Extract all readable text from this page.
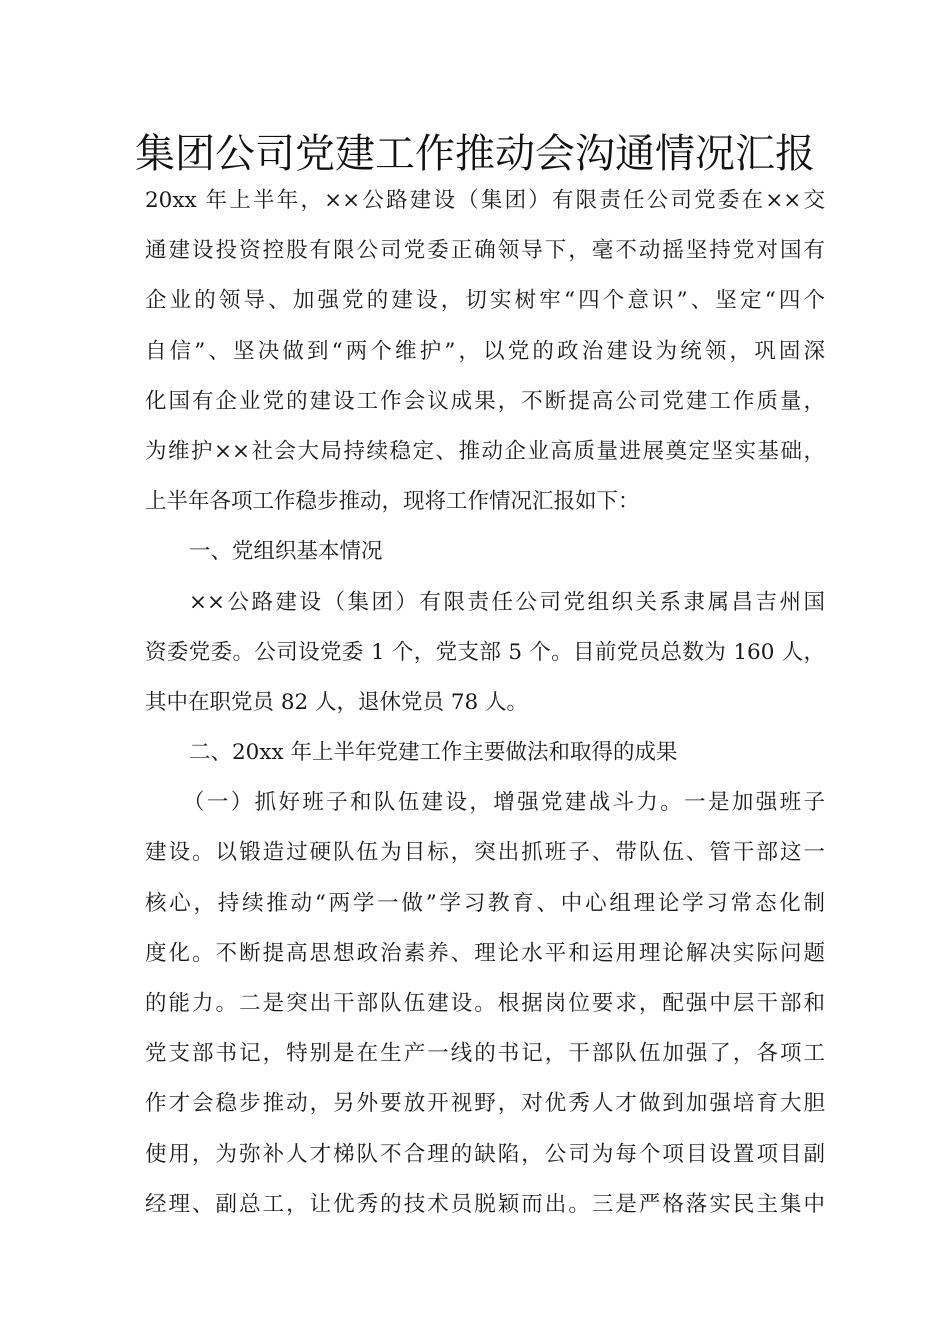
集团公司党建工作推动会沟通情况汇报
20xx 年上半年，××公路建设（集团）有限责任公司党委在××交
通建设投资控股有限公司党委正确领导下，毫不动摇坚持党对国有
企业的领导、加强党的建设，切实树牢“四个意识”、坚定“四个
自信”、坚决做到“两个维护”，以党的政治建设为统领，巩固深
化国有企业党的建设工作会议成果，不断提高公司党建工作质量，
为维护××社会大局持续稳定、推动企业高质量进展奠定坚实基础，
上半年各项工作稳步推动，现将工作情况汇报如下：
一、党组织基本情况
××公路建设（集团）有限责任公司党组织关系隶属昌吉州国
资委党委。公司设党委 1 个，党支部 5 个。目前党员总数为 160 人，
其中在职党员 82 人，退休党员 78 人。
二、20xx 年上半年党建工作主要做法和取得的成果
（一）抓好班子和队伍建设，增强党建战斗力。一是加强班子
建设。以锻造过硬队伍为目标，突出抓班子、带队伍、管干部这一
核心，持续推动“两学一做”学习教育、中心组理论学习常态化制
度化。不断提高思想政治素养、理论水平和运用理论解决实际问题
的能力。二是突出干部队伍建设。根据岗位要求，配强中层干部和
党支部书记，特别是在生产一线的书记，干部队伍加强了，各项工
作才会稳步推动，另外要放开视野，对优秀人才做到加强培育大胆
使用，为弥补人才梯队不合理的缺陷，公司为每个项目设置项目副
经理、副总工，让优秀的技术员脱颖而出。三是严格落实民主集中
